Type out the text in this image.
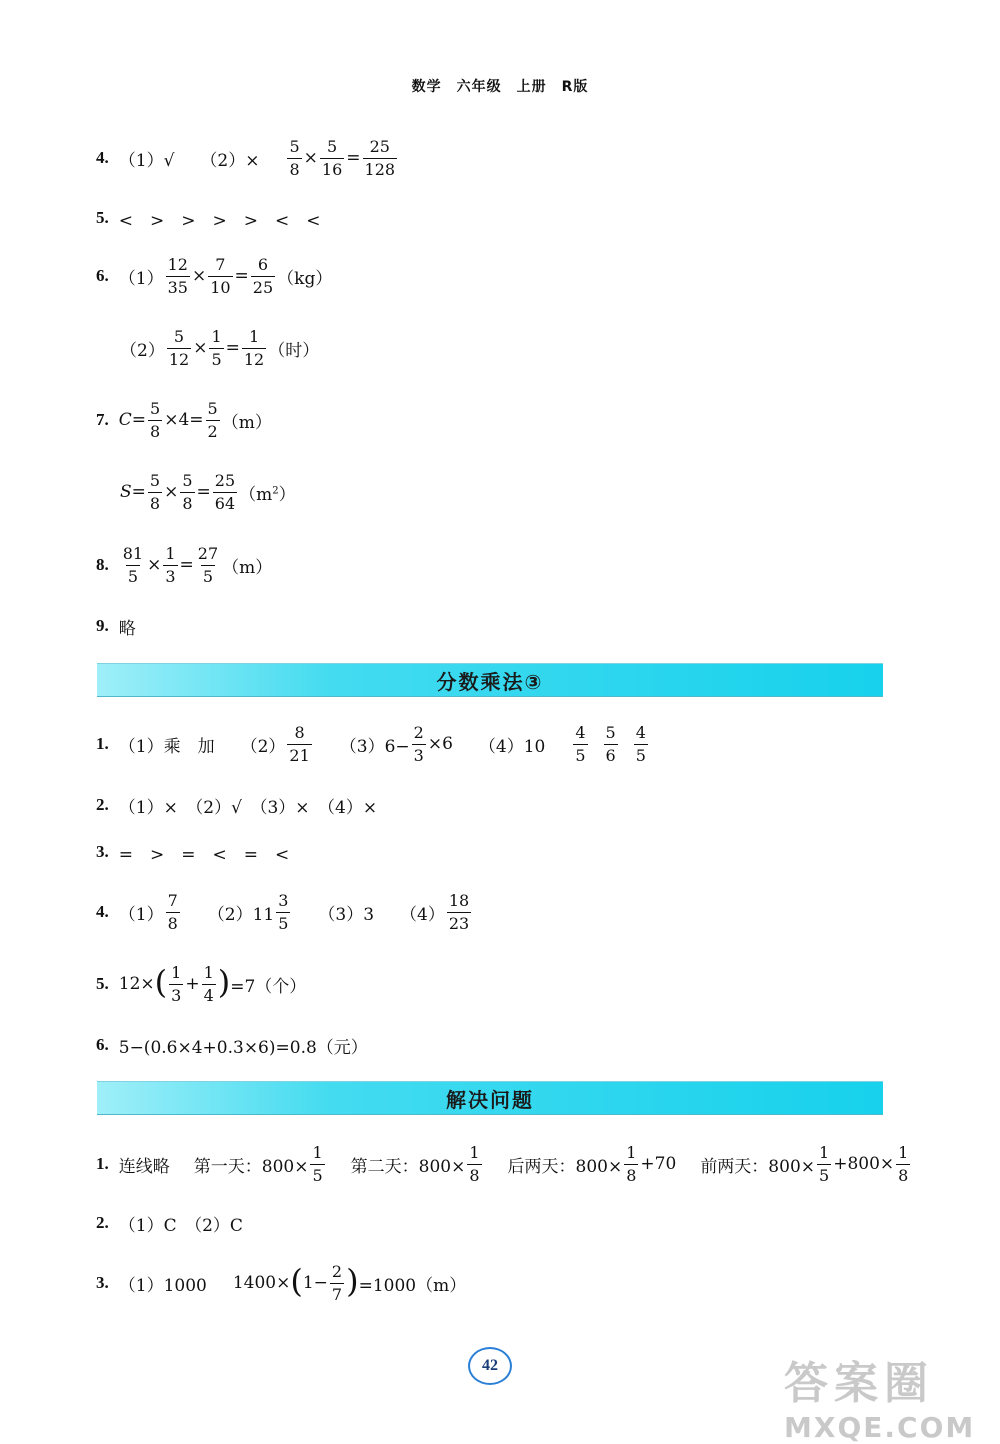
数学　六年级　上册　R版
4. （1）√ $(2)\times \frac{5}{8} \times \frac{5}{16} = \frac{25}{128}$
5. <　>　>　>　>　<　<
6. $(1) \frac{12}{35} \times \frac{7}{10} = \frac{6}{25} (kg)$
$(2) \frac{5}{12} \times \frac{1}{5} = \frac{1}{12}$ （时）
7. $C = \frac{5}{8} \times 4 = \frac{5}{2} (m)$
$S = \frac{5}{8} \times \frac{5}{8} = \frac{25}{64} (m^2)$
8. $\frac{81}{5} \times \frac{1}{3} = \frac{27}{5} (m)$
9. 略
分数乘法③
1. （1）乘　加 $(2) \frac{8}{21} (3)6- \frac{2}{3} \times 6$ $(4)10 \frac{4}{5} \frac{5}{6} \frac{4}{5}$
2. （1）×　（2）√　（3）×　（4）×
3. =　>　=　<　=　<
4. $(1) \frac{7}{8} (2)11 \frac{3}{5} (3)3$ $(4) \frac{18}{23}$
5. 12× ( $\frac{1}{3} + \frac{1}{4}$ ) =7（个）
6. 5−(0.6×4+0.3×6)=0.8（元）
解决问题
1. 连线略 第一天：$800\times \frac{1}{5}$ 第二天：$800\times \frac{1}{8}$ 后两天：$800\times \frac{1}{8} +70$ 前两天：$800\times \frac{1}{5} +800\times \frac{1}{8}$
2. （1）C　（2）C
3. （1）1000 1400× ( $1- \frac{2}{7}$ ) =1000（m）
42	答案圈
MXQE.COM
